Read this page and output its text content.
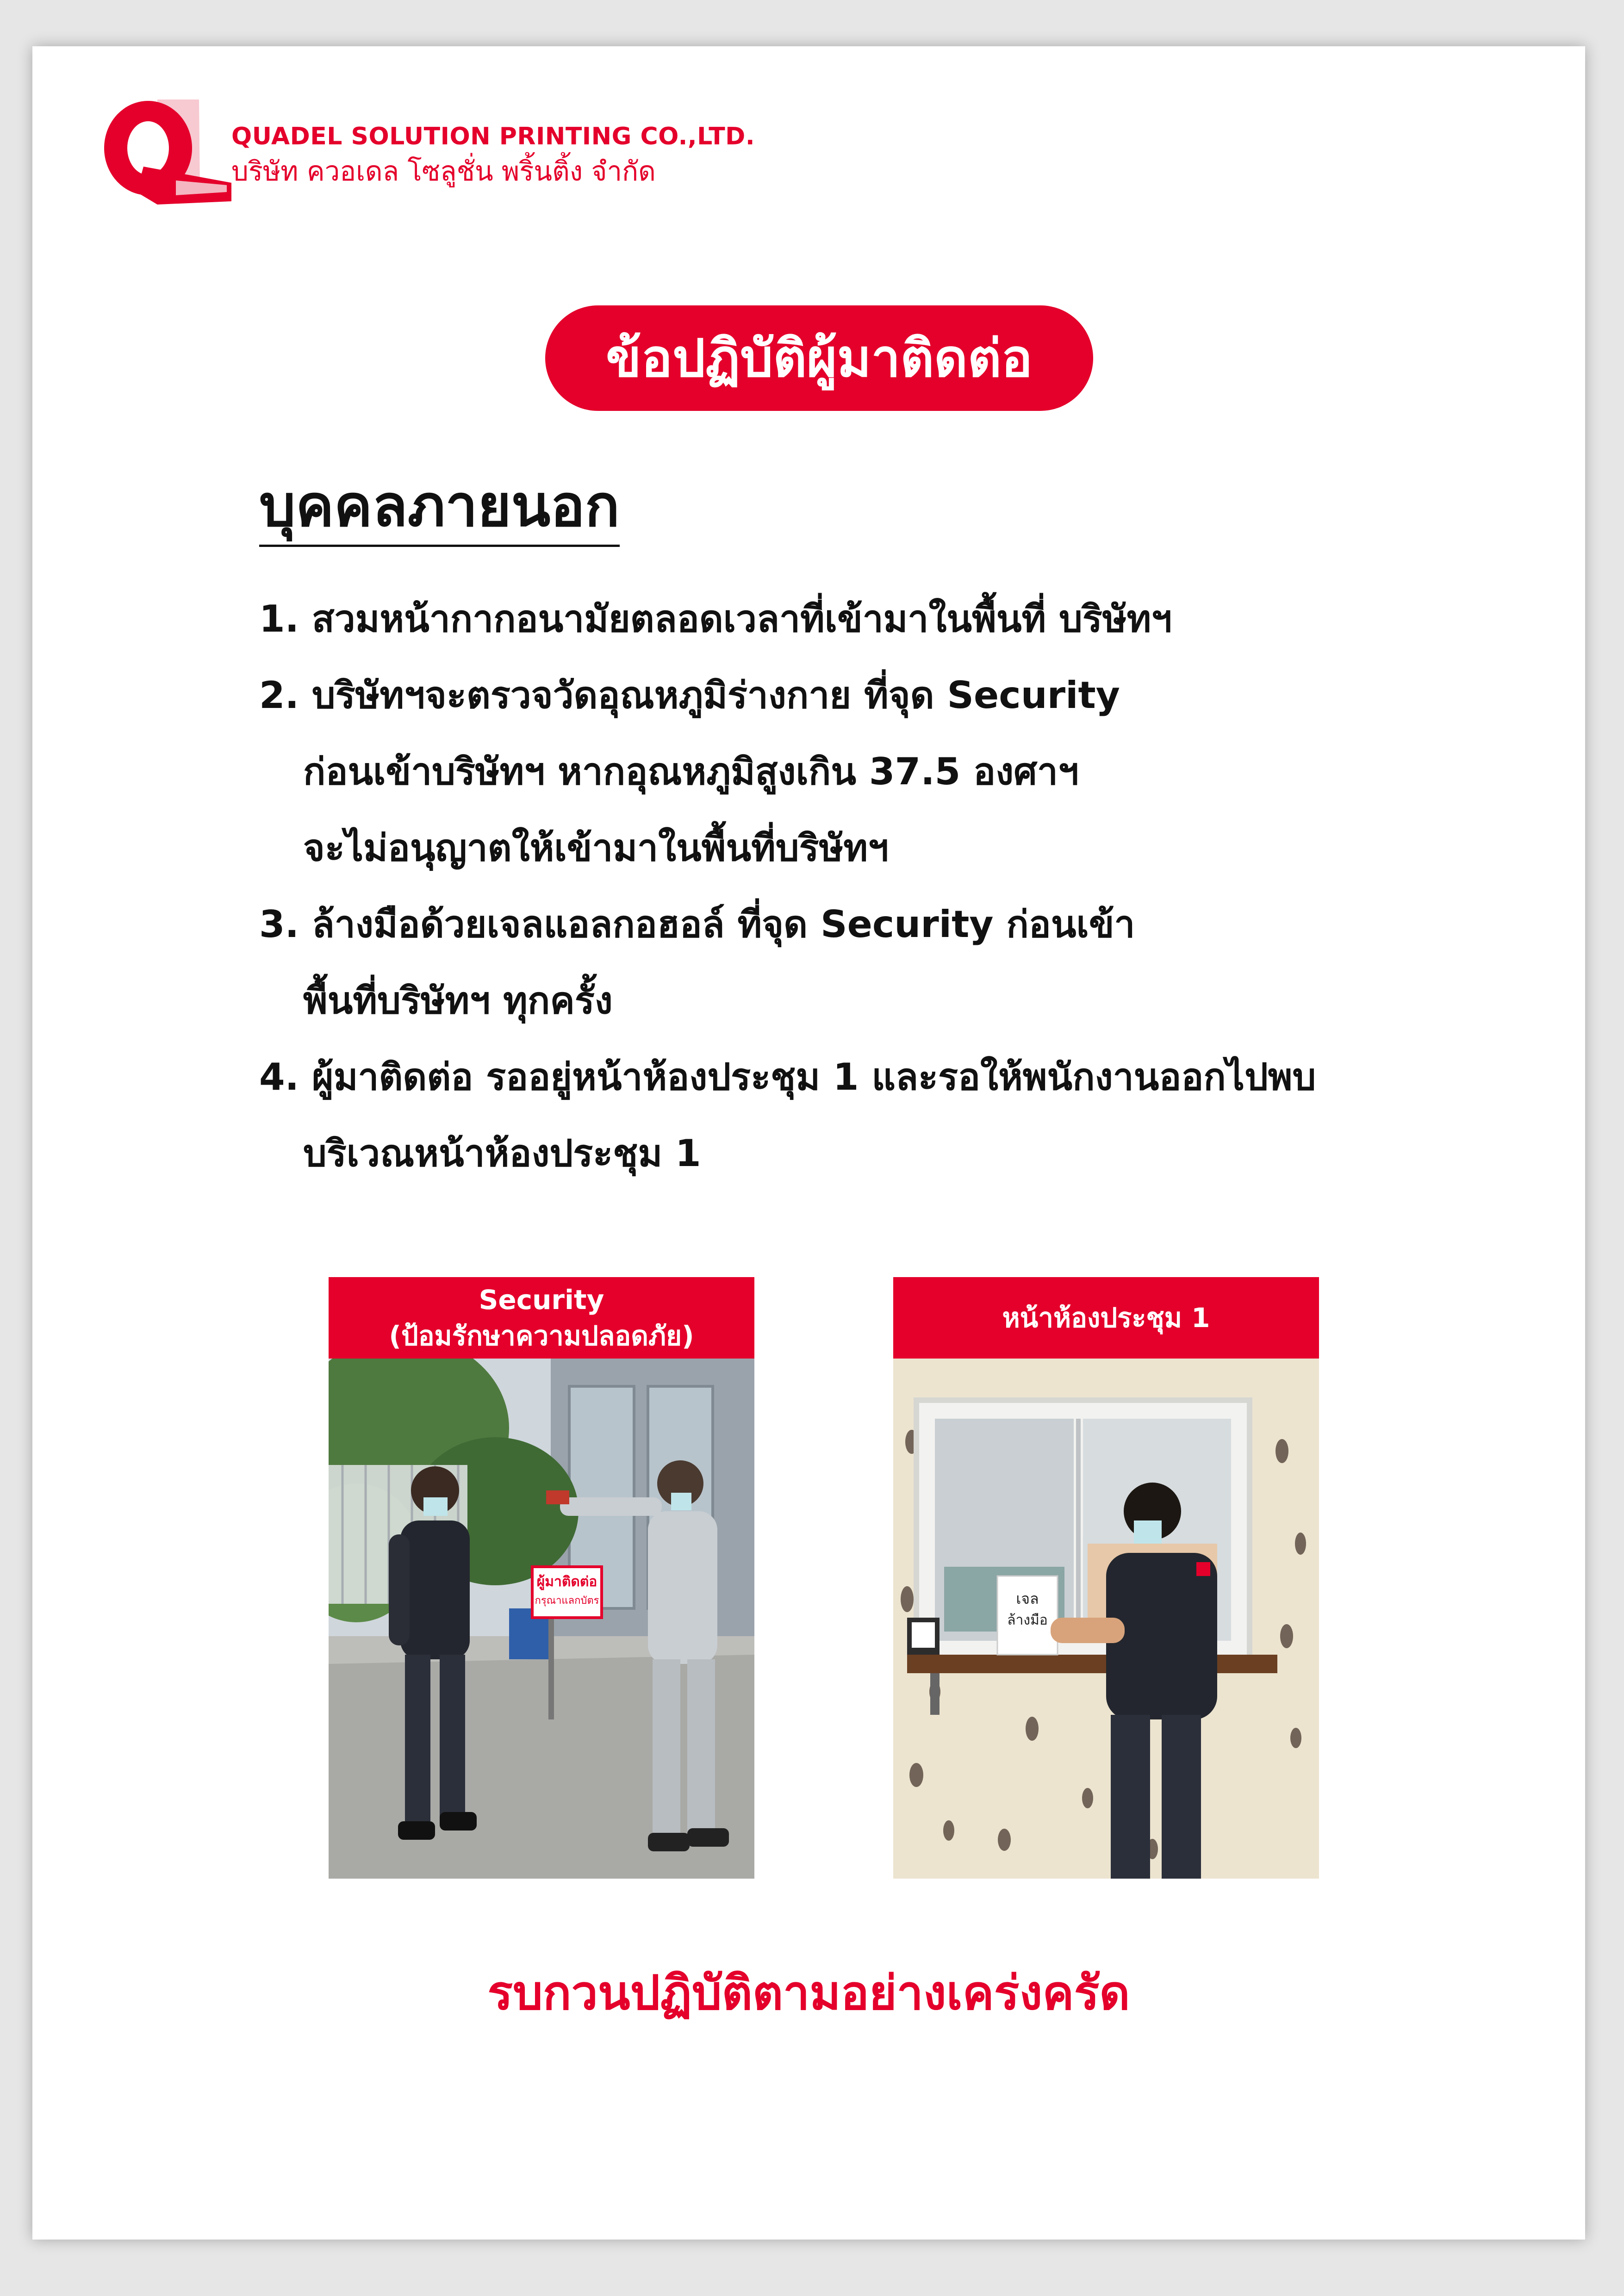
QUADEL SOLUTION PRINTING CO.,LTD.
บริษัท ควอเดล โซลูชั่น พริ้นติ้ง จำกัด
ข้อปฏิบัติผู้มาติดต่อ
บุคคลภายนอก
1. สวมหน้ากากอนามัยตลอดเวลาที่เข้ามาในพื้นที่ บริษัทฯ
2. บริษัทฯจะตรวจวัดอุณหภูมิร่างกาย ที่จุด Security
ก่อนเข้าบริษัทฯ หากอุณหภูมิสูงเกิน 37.5 องศาฯ
จะไม่อนุญาตให้เข้ามาในพื้นที่บริษัทฯ
3. ล้างมือด้วยเจลแอลกอฮอล์ ที่จุด Security ก่อนเข้า
พื้นที่บริษัทฯ ทุกครั้ง
4. ผู้มาติดต่อ รออยู่หน้าห้องประชุม 1 และรอให้พนักงานออกไปพบ
บริเวณหน้าห้องประชุม 1
Security
(ป้อมรักษาความปลอดภัย)
ผู้มาติดต่อ
กรุณาแลกบัตร
หน้าห้องประชุม 1
เจล
ล้างมือ
รบกวนปฏิบัติตามอย่างเคร่งครัด
